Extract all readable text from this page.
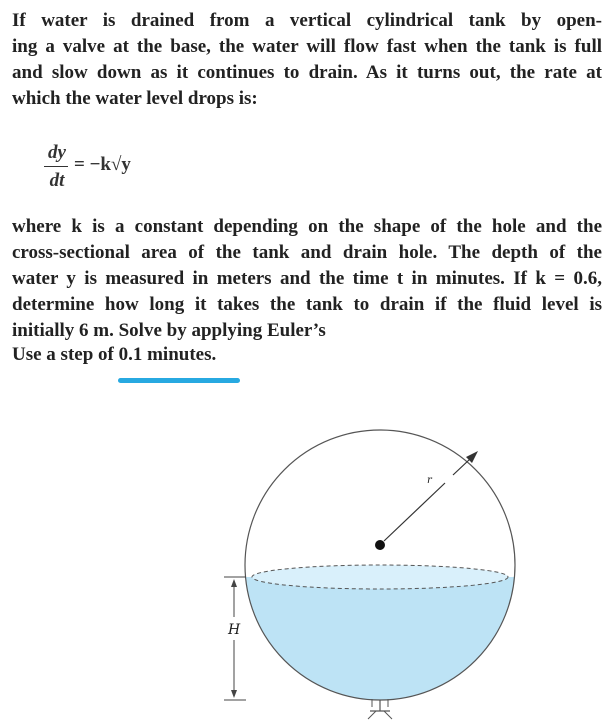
If water is drained from a vertical cylindrical tank by open-
ing a valve at the base, the water will flow fast when the tank is full
and slow down as it continues to drain. As it turns out, the rate at
which the water level drops is:
dy
dt
= −k√y
where k is a constant depending on the shape of the hole and the
cross-sectional area of the tank and drain hole. The depth of the
water y is measured in meters and the time t in minutes. If k = 0.6,
determine how long it takes the tank to drain if the fluid level is
initially 6 m. Solve by applying Euler’s
Use a step of 0.1 minutes.
r
H
